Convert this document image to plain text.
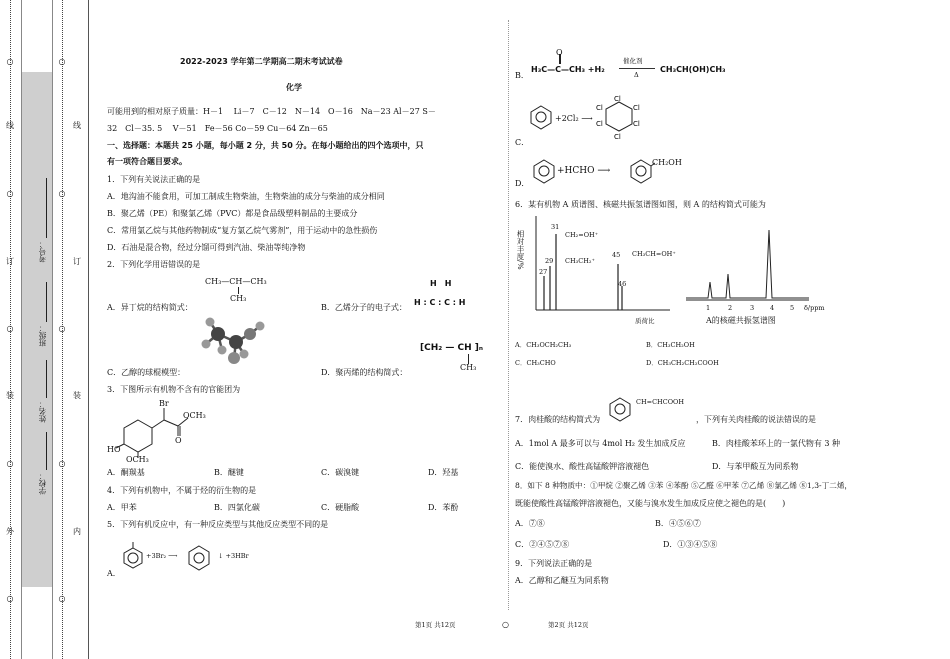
线
订
装
外
线
订
装
内
○
○
○
○
○
○
○
○
○
○
考号：
班级：
姓名：
学校：
2022-2023 学年第二学期高二期末考试试卷
化学
可能用到的相对原子质量：H－1　 Li－7　C－12　N－14　O－16　Na－23 Al－27 S－
32　Cl－35. 5　 V－51　Fe－56 Co－59 Cu－64 Zn－65
一、选择题：本题共 25 小题，每小题 2 分，共 50 分。在每小题给出的四个选项中，只
有一项符合题目要求。
1．下列有关说法正确的是
A．地沟油不能食用，可加工制成生物柴油，生物柴油的成分与柴油的成分相同
B．聚乙烯（PE）和聚氯乙烯（PVC）都是食品级塑料制品的主要成分
C．常用氯乙烷与其他药物制成“复方氯乙烷气雾剂”，用于运动中的急性损伤
D．石油是混合物，经过分馏可得到汽油、柴油等纯净物
2．下列化学用语错误的是
CH₃—CH—CH₃
CH₃
A．异丁烷的结构简式：
H　H
H : C : C : H
B．乙烯分子的电子式：
C．乙醇的球棍模型：
[CH₂ — CH ]ₙ
CH₃
D．聚丙烯的结构简式：
3．下图所示有机物不含有的官能团为
Br
OCH₃
O
HO
OCH₃
A．酮羰基	B．醚键	C．碳溴键	D．羟基
4．下列有机物中，不属于烃的衍生物的是
A．甲苯	B．四氯化碳	C．硬脂酸	D．苯酚
5．下列有机反应中，有一种反应类型与其他反应类型不同的是
+3Br₂ ⟶	↓ +3HBr
A．
B．
O
H₃C—C—CH₃ +H₂
催化剂
Δ
CH₃CH(OH)CH₃
+2Cl₂ ⟶
Cl
Cl
Cl
Cl
Cl
Cl
C．
+HCHO ⟶
CH₂OH
D．
6．某有机物 A 质谱图、核磁共振氢谱图如图，则 A 的结构简式可能为
相对丰度/%
27
29
31
45
46
CH₂=OH⁺
CH₃CH₂⁺
CH₃CH=OH⁺
质荷比
1	2	3 4 5 δ/ppm
A的核磁共振氢谱图
A．CH₃OCH₂CH₃	B．CH₃CH₂OH
C．CH₃CHO	D．CH₃CH₂CH₂COOH
7．肉桂酸的结构简式为
CH=CHCOOH
，下列有关肉桂酸的说法错误的是
A．1mol A 最多可以与 4mol H₂ 发生加成反应	B．肉桂酸苯环上的一氯代物有 3 种
C．能使溴水、酸性高锰酸钾溶液褪色	D．与苯甲酸互为同系物
8．如下 8 种物质中：①甲烷 ②聚乙烯 ③苯 ④苯酚 ⑤乙醛 ⑥甲苯 ⑦乙烯 ⑧氯乙烯 ⑧1,3-丁二烯，
既能使酸性高锰酸钾溶液褪色，又能与溴水发生加成反应使之褪色的是(　　)
A．⑦⑧	B．④⑤⑥⑦
C．②④⑤⑦⑧	D．①③④⑤⑧
9．下列说法正确的是
A．乙醇和乙醚互为同系物
第1页 共12页	○	第2页 共12页
